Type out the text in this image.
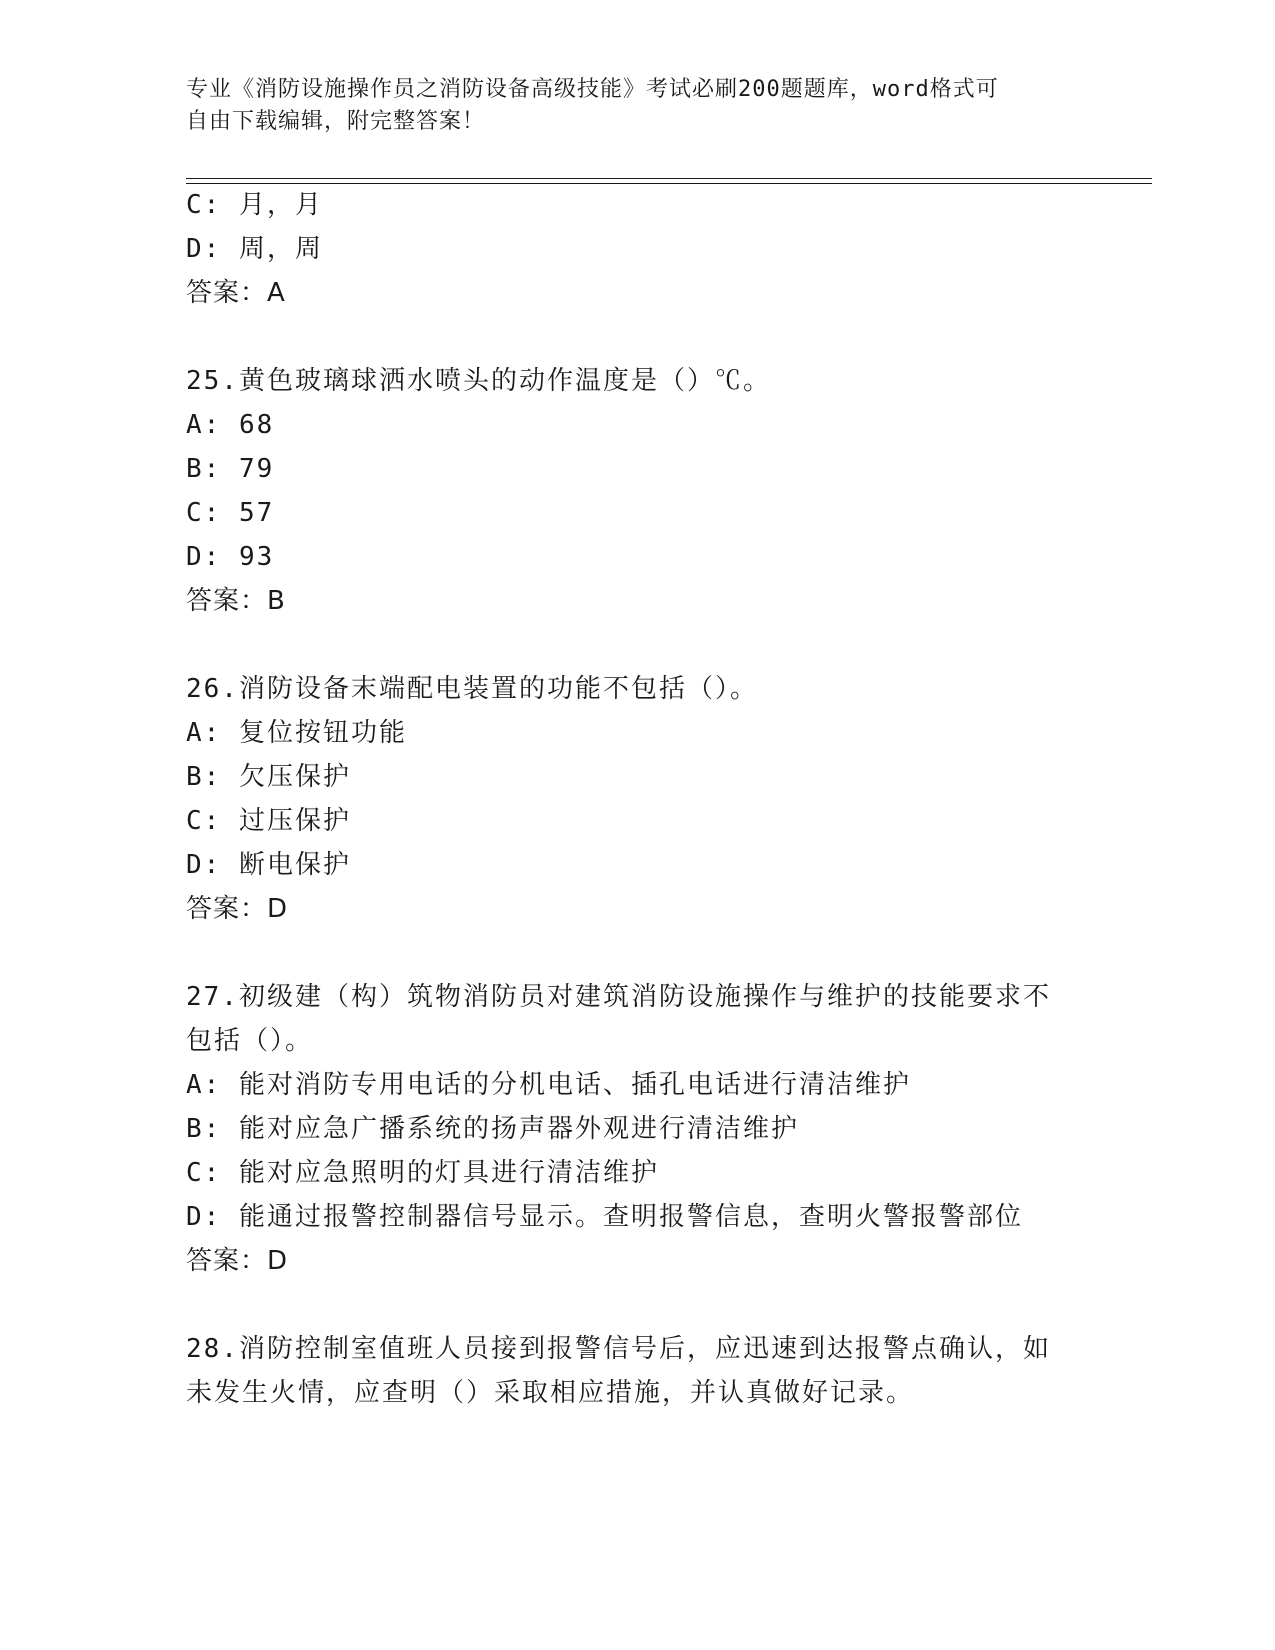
专业《消防设施操作员之消防设备高级技能》考试必刷200题题库，word格式可
自由下载编辑，附完整答案！
C: 月，月
D: 周，周
答案：A
25.黄色玻璃球洒水喷头的动作温度是（）℃。
A: 68
B: 79
C: 57
D: 93
答案：B
26.消防设备末端配电装置的功能不包括（）。
A: 复位按钮功能
B: 欠压保护
C: 过压保护
D: 断电保护
答案：D
27.初级建（构）筑物消防员对建筑消防设施操作与维护的技能要求不
包括（）。
A: 能对消防专用电话的分机电话、插孔电话进行清洁维护
B: 能对应急广播系统的扬声器外观进行清洁维护
C: 能对应急照明的灯具进行清洁维护
D: 能通过报警控制器信号显示。查明报警信息，查明火警报警部位
答案：D
28.消防控制室值班人员接到报警信号后，应迅速到达报警点确认，如
未发生火情，应查明（）采取相应措施，并认真做好记录。
